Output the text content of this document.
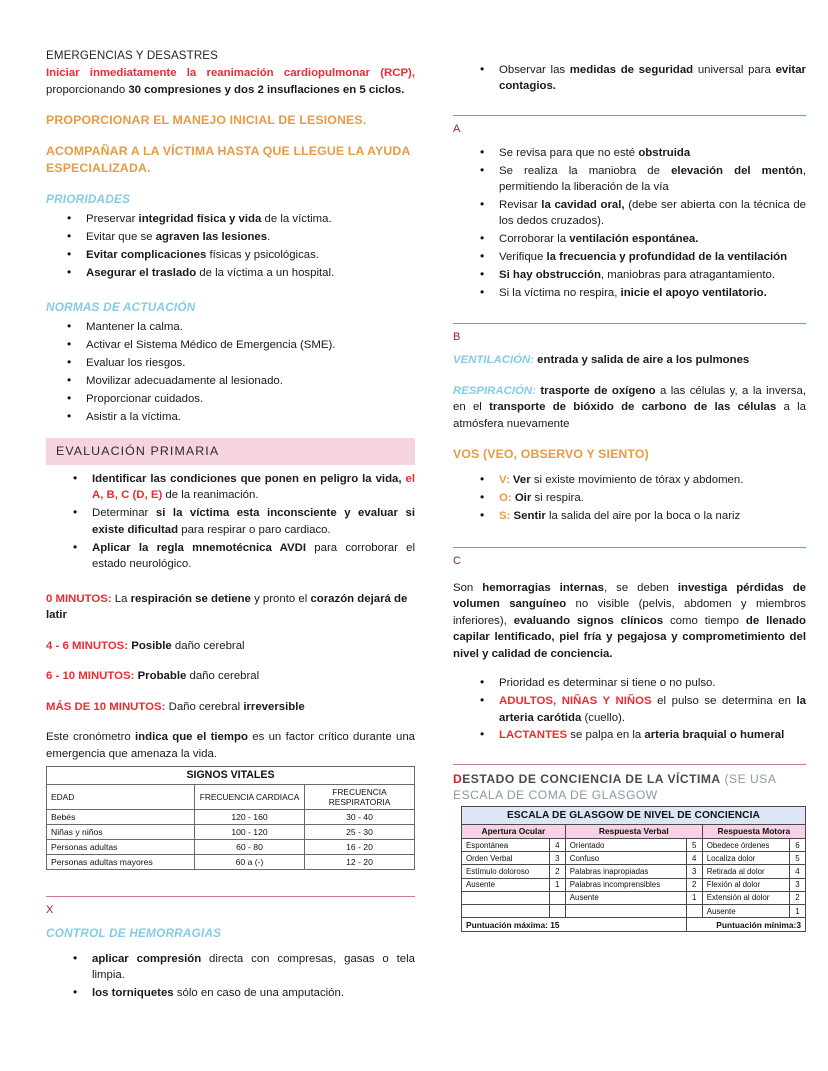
EMERGENCIAS Y DESASTRES

Iniciar inmediatamente la reanimación cardiopulmonar (RCP), proporcionando 30 compresiones y dos 2 insuflaciones en 5 ciclos.

PROPORCIONAR EL MANEJO INICIAL DE LESIONES.
ACOMPAÑAR A LA VÍCTIMA HASTA QUE LLEGUE LA AYUDA ESPECIALIZADA.
PRIORIDADES
• Preservar integridad física y vida de la víctima.
• Evitar que se agraven las lesiones.
• Evitar complicaciones físicas y psicológicas.
• Asegurar el traslado de la víctima a un hospital.
NORMAS DE ACTUACIÓN
• Mantener la calma.
• Activar el Sistema Médico de Emergencia (SME).
• Evaluar los riesgos.
• Movilizar adecuadamente al lesionado.
• Proporcionar cuidados.
• Asistir a la víctima.
EVALUACIÓN PRIMARIA
• Identificar las condiciones que ponen en peligro la vida, el A, B, C (D, E) de la reanimación.
• Determinar si la víctima esta inconsciente y evaluar si existe dificultad para respirar o paro cardiaco.
• Aplicar la regla mnemotécnica AVDI para corroborar el estado neurológico.

0 MINUTOS: La respiración se detiene y pronto el corazón dejará de latir

4 - 6 MINUTOS: Posible daño cerebral

6 - 10 MINUTOS: Probable daño cerebral

MÁS DE 10 MINUTOS: Daño cerebral irreversible

Este cronómetro indica que el tiempo es un factor crítico durante una emergencia que amenaza la vida.

SIGNOS VITALES		
EDAD	FRECUENCIA CARDIACA	FRECUENCIA RESPIRATORIA
Bebés	120 - 160	30 - 40
Niñas y niños	100 - 120	25 - 30
Personas adultas	60 - 80	16 - 20
Personas adultas mayores	60 a (-)	12 - 20
X
CONTROL DE HEMORRAGIAS
• aplicar compresión directa con compresas, gasas o tela limpia.
• los torniquetes sólo en caso de una amputación.
• Observar las medidas de seguridad universal para evitar contagios.
A
• Se revisa para que no esté obstruida
• Se realiza la maniobra de elevación del mentón, permitiendo la liberación de la vía
• Revisar la cavidad oral, (debe ser abierta con la técnica de los dedos cruzados).
• Corroborar la ventilación espontánea.
• Verifique la frecuencia y profundidad de la ventilación
• Si hay obstrucción, maniobras para atragantamiento.
• Si la víctima no respira, inicie el apoyo ventilatorio.
B

VENTILACIÓN: entrada y salida de aire a los pulmones

RESPIRACIÓN: trasporte de oxígeno a las células y, a la inversa, en el transporte de bióxido de carbono de las células a la atmósfera nuevamente

VOS (VEO, OBSERVO Y SIENTO)
• V: Ver si existe movimiento de tórax y abdomen.
• O: Oir si respira.
• S: Sentir la salida del aire por la boca o la nariz
C

Son hemorragias internas, se deben investiga pérdidas de volumen sanguíneo no visible (pelvis, abdomen y miembros inferiores), evaluando signos clínicos como tiempo de llenado capilar lentificado, piel fría y pegajosa y comprometimiento del nivel y calidad de conciencia.

• Prioridad es determinar si tiene o no pulso.
• ADULTOS, NIÑAS Y NIÑOS el pulso se determina en la arteria carótida (cuello).
• LACTANTES se palpa en la arteria braquial o humeral
DESTADO DE CONCIENCIA DE LA VÍCTIMA (SE USA ESCALA DE COMA DE GLASGOW
ESCALA DE GLASGOW DE NIVEL DE CONCIENCIA					
Apertura Ocular		Respuesta Verbal		Respuesta Motora	
Espontánea	4	Orientado	5	Obedece órdenes	6
Orden Verbal	3	Confuso	4	Localiza dolor	5
Estímulo doloroso	2	Palabras inapropiadas	3	Retirada al dolor	4
Ausente	1	Palabras incomprensibles	2	Flexión al dolor	3
		Ausente	1	Extensión al dolor	2
				Ausente	1
Puntuación máxima: 15			Puntuación mínima:3		
